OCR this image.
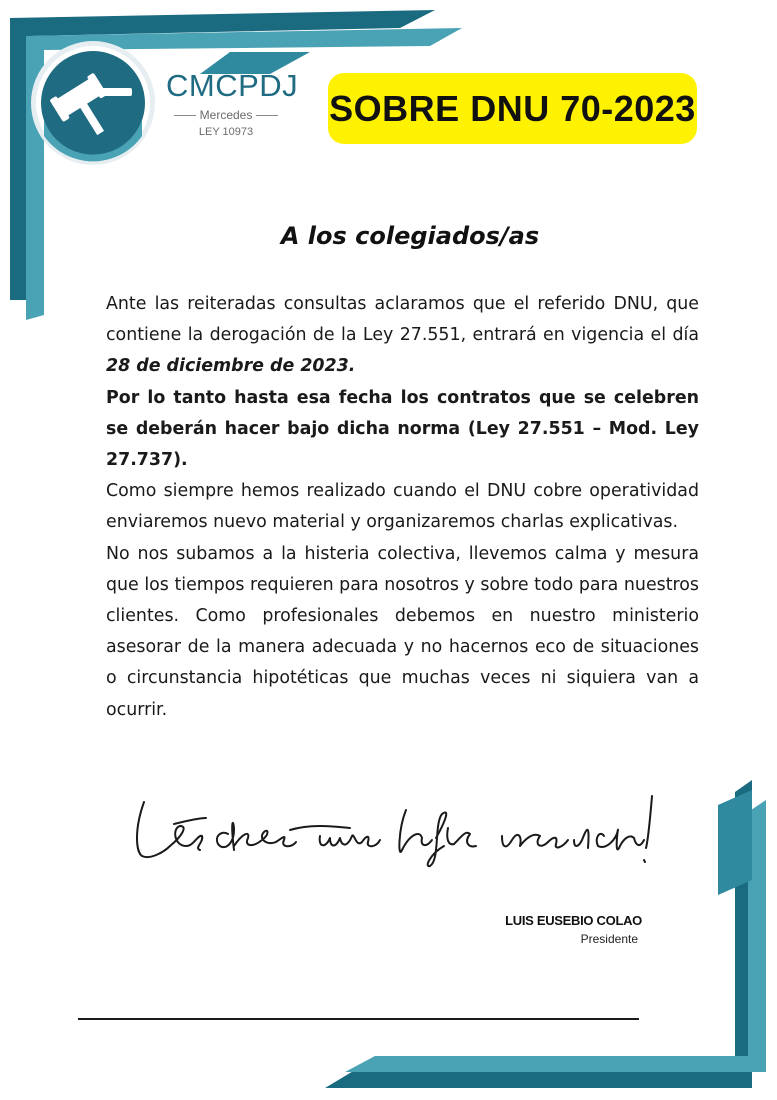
CMCPDJ
Mercedes
LEY 10973
SOBRE DNU 70-2023
A los colegiados/as

Ante las reiteradas consultas aclaramos que el referido DNU, que contiene la derogación de la Ley 27.551, entrará en vigencia el día 28 de diciembre de 2023.

Por lo tanto hasta esa fecha los contratos que se celebren se deberán hacer bajo dicha norma (Ley 27.551 – Mod. Ley 27.737).

Como siempre hemos realizado cuando el DNU cobre operatividad enviaremos nuevo material y organizaremos charlas explicativas.

No nos subamos a la histeria colectiva, llevemos calma y mesura que los tiempos requieren para nosotros y sobre todo para nuestros clientes. Como profesionales debemos en nuestro ministerio asesorar de la manera adecuada y no hacernos eco de situaciones o circunstancia hipotéticas que muchas veces ni siquiera van a ocurrir.

LUIS EUSEBIO COLAO
Presidente
